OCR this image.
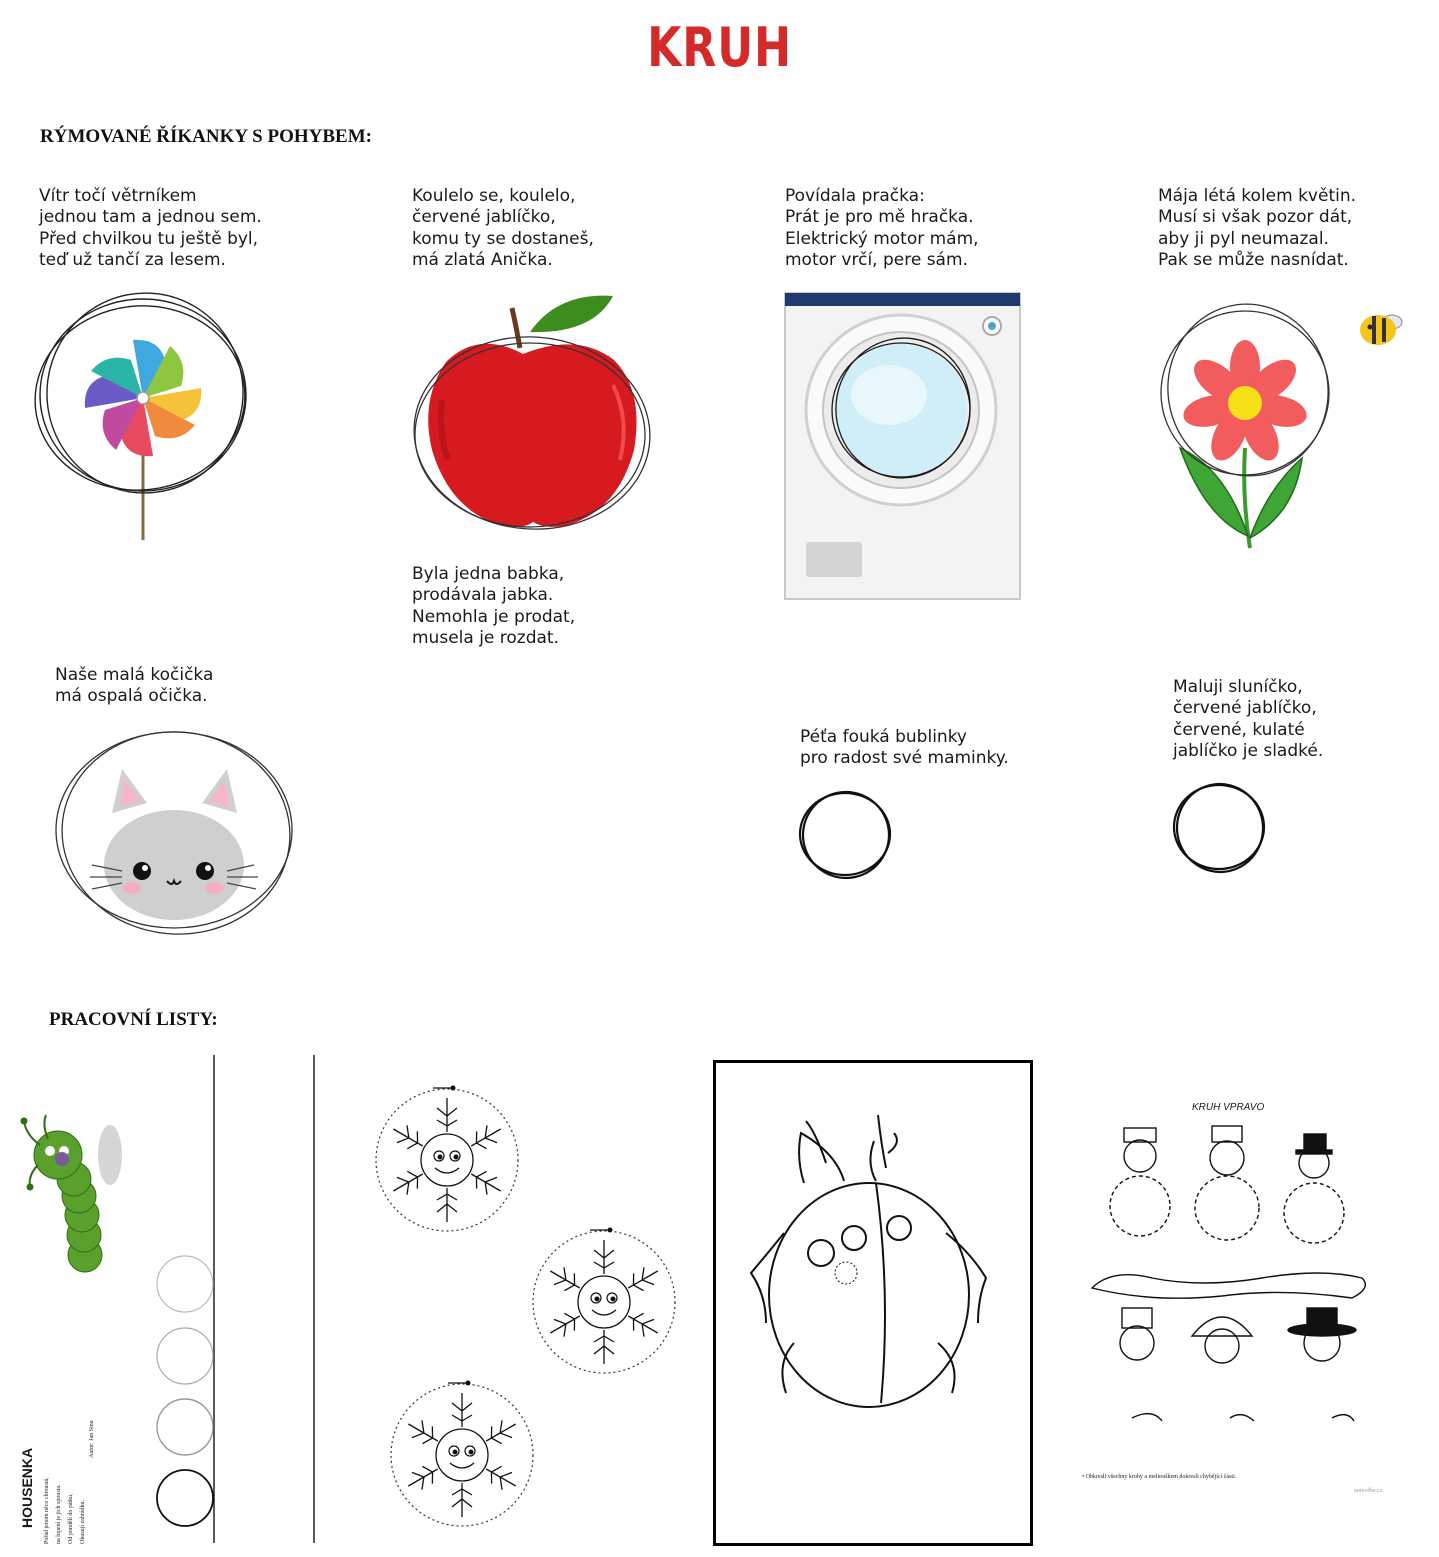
KRUH
RÝMOVANÉ ŘÍKANKY S POHYBEM:
PRACOVNÍ LISTY:
Vítr točí větrníkem
jednou tam a jednou sem.
Před chvilkou tu ještě byl,
teď už tančí za lesem.
Koulelo se, koulelo,
červené jablíčko,
komu ty se dostaneš,
má zlatá Anička.
Povídala pračka:
Prát je pro mě hračka.
Elektrický motor mám,
motor vrčí, pere sám.
Mája létá kolem květin.
Musí si však pozor dát,
aby ji pyl neumazal.
Pak se může nasnídat.
Byla jedna babka,
prodávala jabka.
Nemohla je prodat,
musela je rozdat.
Naše malá kočička
má ospalá očička.
Péťa fouká bublinky
pro radost své maminky.
Maluji sluníčko,
červené jablíčko,
červené, kulaté
jablíčko je sladké.
HOUSENKA	Pořád jenom něco chroustá,	na lupení je jich spousta.	Od pondělí do pátku,	Okusují zahrádku.
Autor: Jan Sinu
KRUH VPRAVO
• Obkresli všechny kruhy a meltouškem dokresli chybějící části.
notevěbe.cz
